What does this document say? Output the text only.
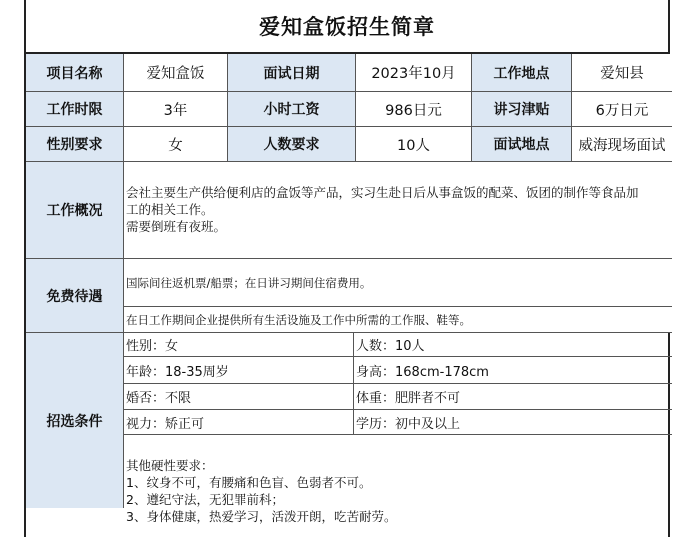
爱知盒饭招生简章
项目名称	爱知盒饭	面试日期	2023年10月	工作地点	爱知县
工作时限	3年	小时工资	986日元	讲习津贴	6万日元
性别要求	女	人数要求	10人	面试地点	威海现场面试
工作概况
会社主要生产供给便利店的盒饭等产品，实习生赴日后从事盒饭的配菜、饭团的制作等食品加
工的相关工作。
需要倒班有夜班。
免费待遇
国际间往返机票/船票；在日讲习期间住宿费用。
在日工作期间企业提供所有生活设施及工作中所需的工作服、鞋等。
招选条件
性别：女	人数：10人
年龄：18-35周岁	身高：168cm-178cm
婚否：不限	体重：肥胖者不可
视力：矫正可	学历：初中及以上
其他硬性要求：
1、纹身不可，有腰痛和色盲、色弱者不可。
2、遵纪守法，无犯罪前科；
3、身体健康，热爱学习，活泼开朗，吃苦耐劳。
